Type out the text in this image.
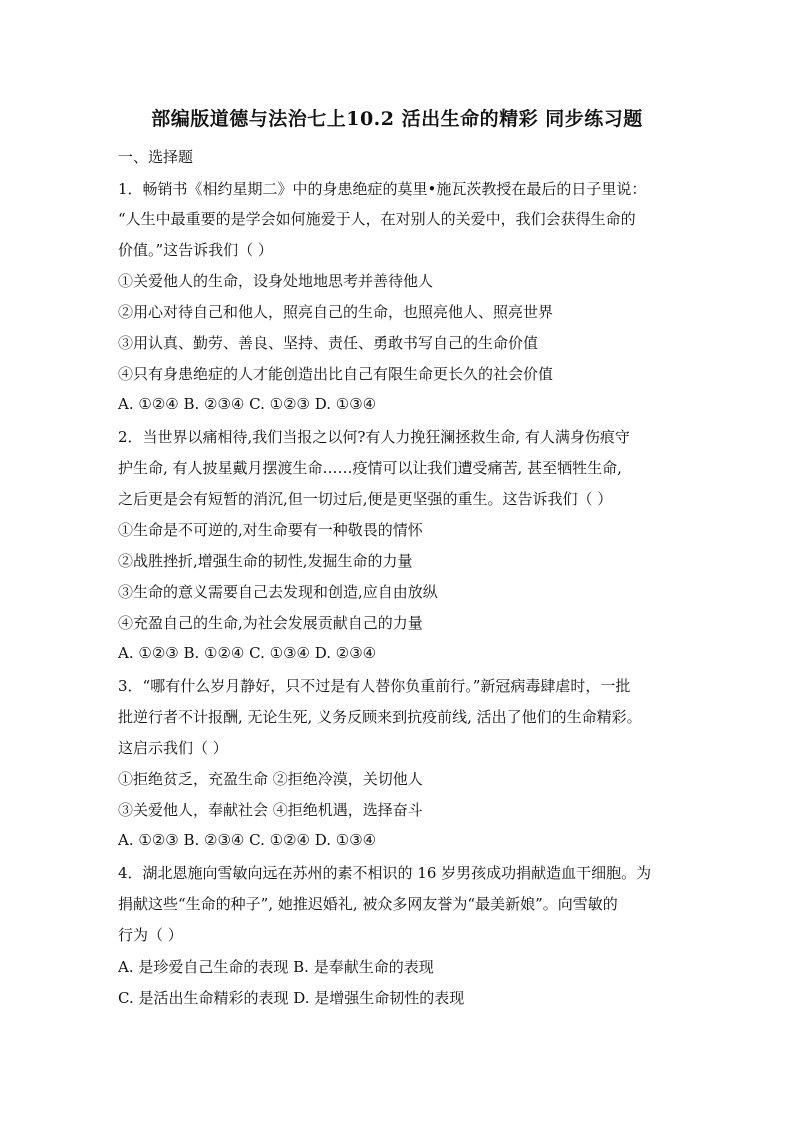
部编版道德与法治七上10.2 活出生命的精彩 同步练习题
一、选择题
1．畅销书《相约星期二》中的身患绝症的莫里•施瓦茨教授在最后的日子里说：
“人生中最重要的是学会如何施爱于人，在对别人的关爱中，我们会获得生命的
价值。”这告诉我们（ ）
①关爱他人的生命，设身处地地思考并善待他人
②用心对待自己和他人，照亮自己的生命，也照亮他人、照亮世界
③用认真、勤劳、善良、坚持、责任、勇敢书写自己的生命价值
④只有身患绝症的人才能创造出比自己有限生命更长久的社会价值
A. ①②④ B. ②③④ C. ①②③ D. ①③④
2．当世界以痛相待,我们当报之以何?有人力挽狂澜拯救生命, 有人满身伤痕守
护生命, 有人披星戴月摆渡生命……疫情可以让我们遭受痛苦, 甚至牺牲生命,
之后更是会有短暂的消沉,但一切过后,便是更坚强的重生。这告诉我们（ ）
①生命是不可逆的,对生命要有一种敬畏的情怀
②战胜挫折,增强生命的韧性,发掘生命的力量
③生命的意义需要自己去发现和创造,应自由放纵
④充盈自己的生命,为社会发展贡献自己的力量
A. ①②③ B. ①②④ C. ①③④ D. ②③④
3．“哪有什么岁月静好，只不过是有人替你负重前行。”新冠病毒肆虐时，一批
批逆行者不计报酬, 无论生死, 义务反顾来到抗疫前线, 活出了他们的生命精彩。
这启示我们（ ）
①拒绝贫乏，充盈生命 ②拒绝冷漠，关切他人
③关爱他人，奉献社会 ④拒绝机遇，选择奋斗
A. ①②③ B. ②③④ C. ①②④ D. ①③④
4．湖北恩施向雪敏向远在苏州的素不相识的 16 岁男孩成功捐献造血干细胞。为
捐献这些“生命的种子”, 她推迟婚礼, 被众多网友誉为“最美新娘”。向雪敏的
行为（ ）
A. 是珍爱自己生命的表现 B. 是奉献生命的表现
C. 是活出生命精彩的表现 D. 是增强生命韧性的表现
